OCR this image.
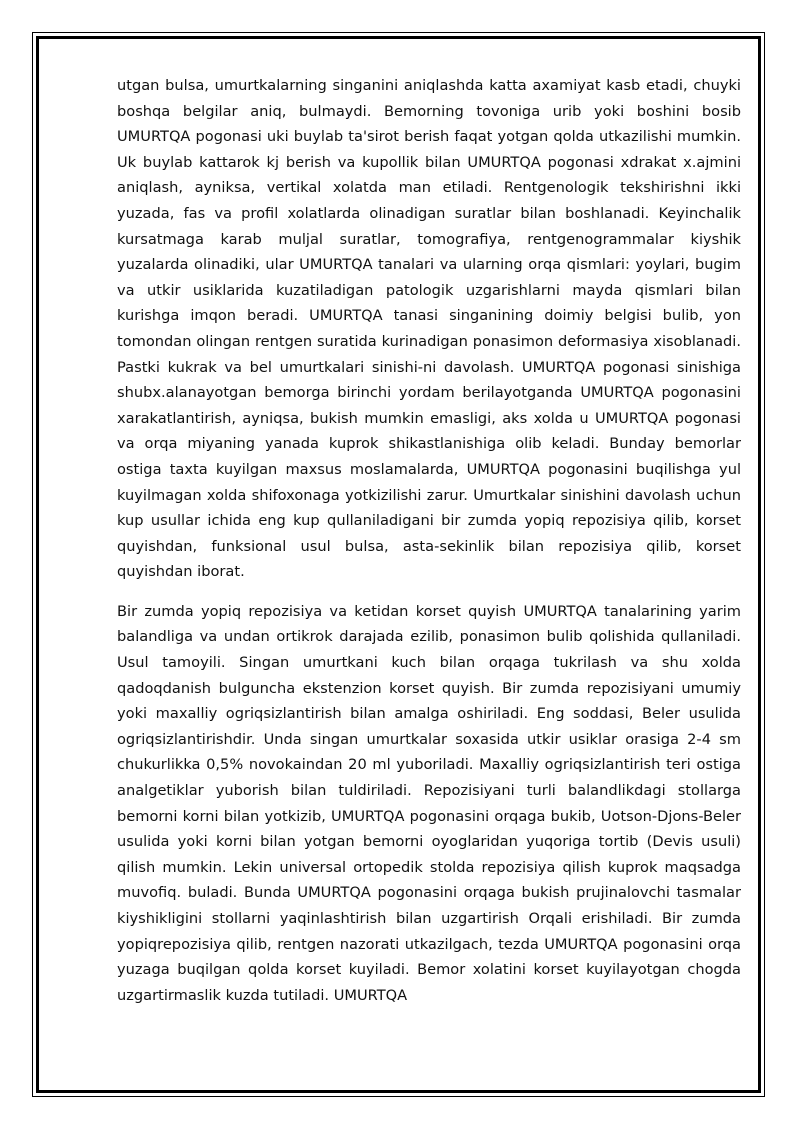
utgan bulsa, umurtkalarning singanini aniqlashda katta axamiyat kasb etadi, chuyki boshqa belgilar aniq, bulmaydi. Bemorning tovoniga urib yoki boshini bosib UMURTQA pogonasi uki buylab ta'sirot berish faqat yotgan qolda utkazilishi mumkin. Uk buylab kattarok kj berish va kupollik bilan UMURTQA pogonasi xdrakat x.ajmini aniqlash, ayniksa, vertikal xolatda man etiladi. Rentgenologik tekshirishni ikki yuzada, fas va profil xolatlarda olinadigan suratlar bilan boshlanadi. Keyinchalik kursatmaga karab muljal suratlar, tomografiya, rentgenogrammalar kiyshik yuzalarda olinadiki, ular UMURTQA tanalari va ularning orqa qismlari: yoylari, bugim va utkir usiklarida kuzatiladigan patologik uzgarishlarni mayda qismlari bilan kurishga imqon beradi. UMURTQA tanasi singanining doimiy belgisi bulib, yon tomondan olingan rentgen suratida kurinadigan ponasimon deformasiya xisoblanadi. Pastki kukrak va bel umurtkalari sinishi-ni davolash. UMURTQA pogonasi sinishiga shubx.alanayotgan bemorga birinchi yordam berilayotganda UMURTQA pogonasini xarakatlantirish, ayniqsa, bukish mumkin emasligi, aks xolda u UMURTQA pogonasi va orqa miyaning yanada kuprok shikastlanishiga olib keladi. Bunday bemorlar ostiga taxta kuyilgan maxsus moslamalarda, UMURTQA pogonasini buqilishga yul kuyilmagan xolda shifoxonaga yotkizilishi zarur. Umurtkalar sinishini davolash uchun kup usullar ichida eng kup qullaniladigani bir zumda yopiq repozisiya qilib, korset quyishdan, funksional usul bulsa, asta-sekinlik bilan repozisiya qilib, korset quyishdan iborat.

Bir zumda yopiq repozisiya va ketidan korset quyish UMURTQA tanalarining yarim balandliga va undan ortikrok darajada ezilib, ponasimon bulib qolishida qullaniladi. Usul tamoyili. Singan umurtkani kuch bilan orqaga tukrilash va shu xolda qadoqdanish bulguncha ekstenzion korset quyish. Bir zumda repozisiyani umumiy yoki maxalliy ogriqsizlantirish bilan amalga oshiriladi. Eng soddasi, Beler usulida ogriqsizlantirishdir. Unda singan umurtkalar soxasida utkir usiklar orasiga 2-4 sm chukurlikka 0,5% novokaindan 20 ml yuboriladi. Maxalliy ogriqsizlantirish teri ostiga analgetiklar yuborish bilan tuldiriladi. Repozisiyani turli balandlikdagi stollarga bemorni korni bilan yotkizib, UMURTQA pogonasini orqaga bukib, Uotson-Djons-Beler usulida yoki korni bilan yotgan bemorni oyoglaridan yuqoriga tortib (Devis usuli) qilish mumkin. Lekin universal ortopedik stolda repozisiya qilish kuprok maqsadga muvofiq. buladi. Bunda UMURTQA pogonasini orqaga bukish prujinalovchi tasmalar kiyshikligini stollarni yaqinlashtirish bilan uzgartirish Orqali erishiladi. Bir zumda yopiqrepozisiya qilib, rentgen nazorati utkazilgach, tezda UMURTQA pogonasini orqa yuzaga buqilgan qolda korset kuyiladi. Bemor xolatini korset kuyilayotgan chogda uzgartirmaslik kuzda tutiladi. UMURTQA
